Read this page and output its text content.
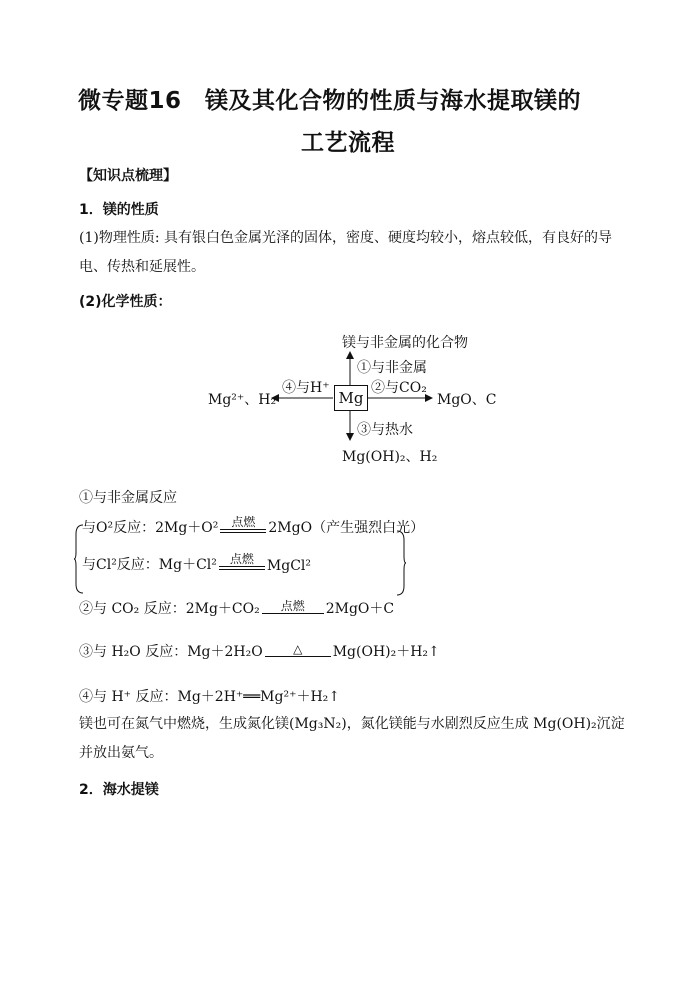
微专题16　镁及其化合物的性质与海水提取镁的
工艺流程
【知识点梳理】
1．镁的性质
(1)物理性质: 具有银白色金属光泽的固体，密度、硬度均较小，熔点较低，有良好的导电、传热和延展性。
(2)化学性质：
镁与非金属的化合物
①与非金属
Mg
④与H⁺
Mg²⁺、H₂
②与CO₂
MgO、C
③与热水
Mg(OH)₂、H₂
①与非金属反应
与O²反应：2Mg＋O²	点燃 2MgO（产生强烈白光）
与Cl²反应：Mg＋Cl²	点燃 MgCl²
②与 CO₂ 反应：2Mg＋CO₂	点燃	2MgO＋C
③与 H₂O 反应：Mg＋2H₂O	△	Mg(OH)₂＋H₂↑
④与 H⁺ 反应：Mg＋2H⁺══Mg²⁺＋H₂↑
镁也可在氮气中燃烧，生成氮化镁(Mg₃N₂)，氮化镁能与水剧烈反应生成 Mg(OH)₂沉淀并放出氨气。
2．海水提镁
